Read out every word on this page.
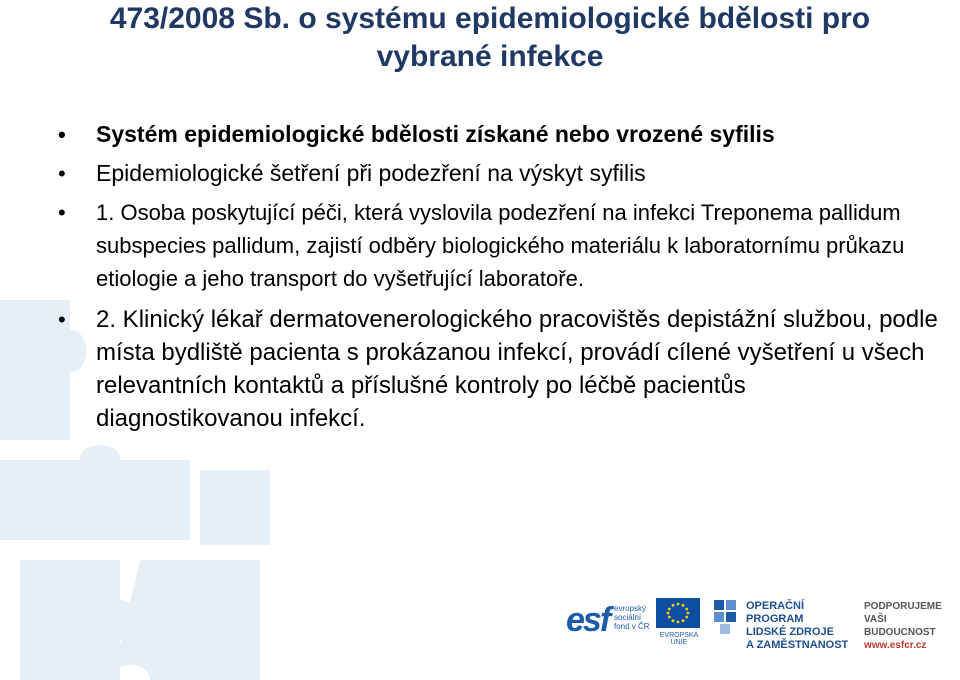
473/2008 Sb. o systému epidemiologické bdělosti pro vybrané infekce
• Systém epidemiologické bdělosti získané nebo vrozené syfilis
• Epidemiologické šetření při podezření na výskyt syfilis
• 1. Osoba poskytující péči, která vyslovila podezření na infekci Treponema pallidum subspecies pallidum, zajistí odběry biologického materiálu k laboratornímu průkazu etiologie a jeho transport do vyšetřující laboratoře.
• 2. Klinický lékař dermatovenerologického pracovištěs depistážní službou, podle místa bydliště pacienta s prokázanou infekcí, provádí cílené vyšetření u všech relevantních kontaktů a příslušné kontroly po léčbě pacientůs diagnostikovanou infekcí.
esf evropský
sociální
fond v ČR
EVROPSKÁ UNIE
OPERAČNÍ PROGRAM
LIDSKÉ ZDROJE
A ZAMĚSTNANOST
PODPORUJEME
VAŠI BUDOUCNOST
www.esfcr.cz
